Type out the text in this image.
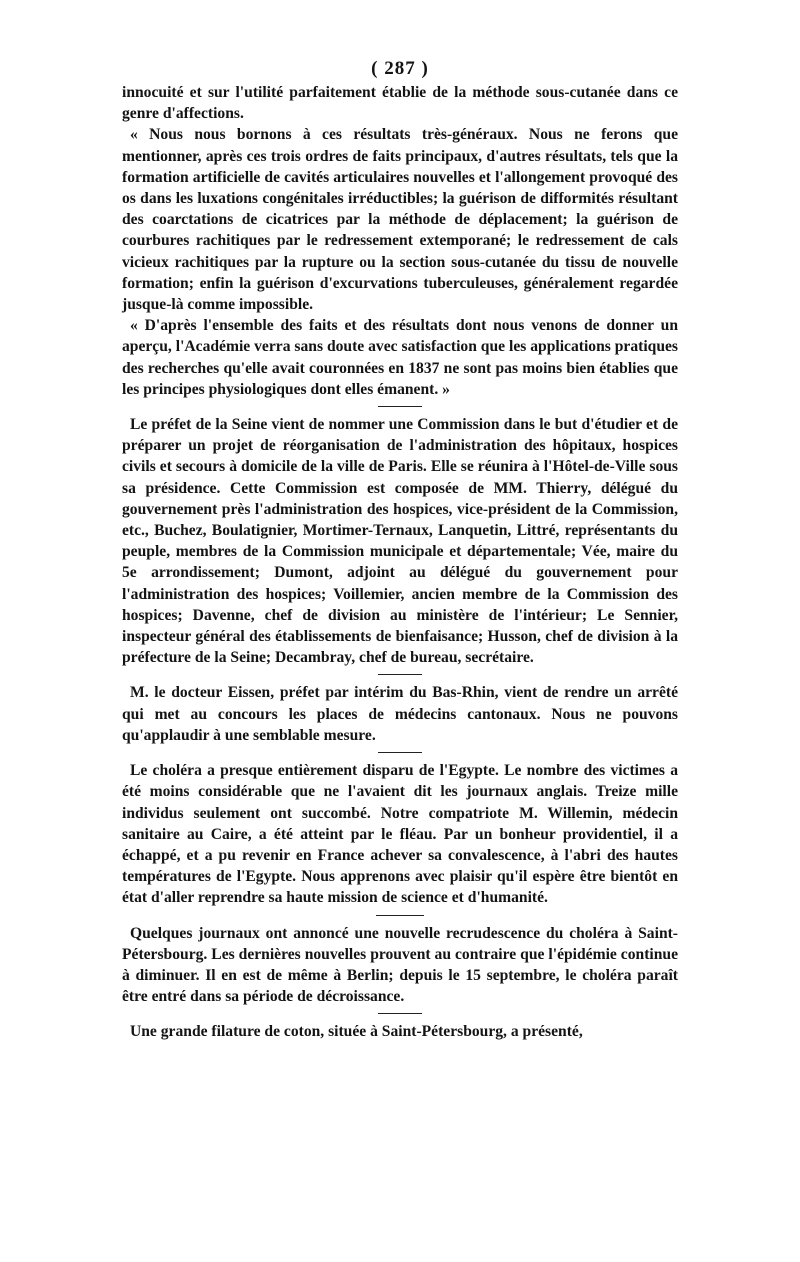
( 287 )

innocuité et sur l'utilité parfaitement établie de la méthode sous-cutanée dans ce genre d'affections.

« Nous nous bornons à ces résultats très-généraux. Nous ne ferons que mentionner, après ces trois ordres de faits principaux, d'autres résultats, tels que la formation artificielle de cavités articulaires nouvelles et l'allongement provoqué des os dans les luxations congénitales irréductibles; la guérison de difformités résultant des coarctations de cicatrices par la méthode de déplacement; la guérison de courbures rachitiques par le redressement extemporané; le redressement de cals vicieux rachitiques par la rupture ou la section sous-cutanée du tissu de nouvelle formation; enfin la guérison d'excurvations tuberculeuses, généralement regardée jusque-là comme impossible.

« D'après l'ensemble des faits et des résultats dont nous venons de donner un aperçu, l'Académie verra sans doute avec satisfaction que les applications pratiques des recherches qu'elle avait couronnées en 1837 ne sont pas moins bien établies que les principes physiologiques dont elles émanent. »

Le préfet de la Seine vient de nommer une Commission dans le but d'étudier et de préparer un projet de réorganisation de l'administration des hôpitaux, hospices civils et secours à domicile de la ville de Paris. Elle se réunira à l'Hôtel-de-Ville sous sa présidence. Cette Commission est composée de MM. Thierry, délégué du gouvernement près l'administration des hospices, vice-président de la Commission, etc., Buchez, Boulatignier, Mortimer-Ternaux, Lanquetin, Littré, représentants du peuple, membres de la Commission municipale et départementale; Vée, maire du 5e arrondissement; Dumont, adjoint au délégué du gouvernement pour l'administration des hospices; Voillemier, ancien membre de la Commission des hospices; Davenne, chef de division au ministère de l'intérieur; Le Sennier, inspecteur général des établissements de bienfaisance; Husson, chef de division à la préfecture de la Seine; Decambray, chef de bureau, secrétaire.

M. le docteur Eissen, préfet par intérim du Bas-Rhin, vient de rendre un arrêté qui met au concours les places de médecins cantonaux. Nous ne pouvons qu'applaudir à une semblable mesure.

Le choléra a presque entièrement disparu de l'Egypte. Le nombre des victimes a été moins considérable que ne l'avaient dit les journaux anglais. Treize mille individus seulement ont succombé. Notre compatriote M. Willemin, médecin sanitaire au Caire, a été atteint par le fléau. Par un bonheur providentiel, il a échappé, et a pu revenir en France achever sa convalescence, à l'abri des hautes températures de l'Egypte. Nous apprenons avec plaisir qu'il espère être bientôt en état d'aller reprendre sa haute mission de science et d'humanité.

Quelques journaux ont annoncé une nouvelle recrudescence du choléra à Saint-Pétersbourg. Les dernières nouvelles prouvent au contraire que l'épidémie continue à diminuer. Il en est de même à Berlin; depuis le 15 septembre, le choléra paraît être entré dans sa période de décroissance.

Une grande filature de coton, située à Saint-Pétersbourg, a présenté,
